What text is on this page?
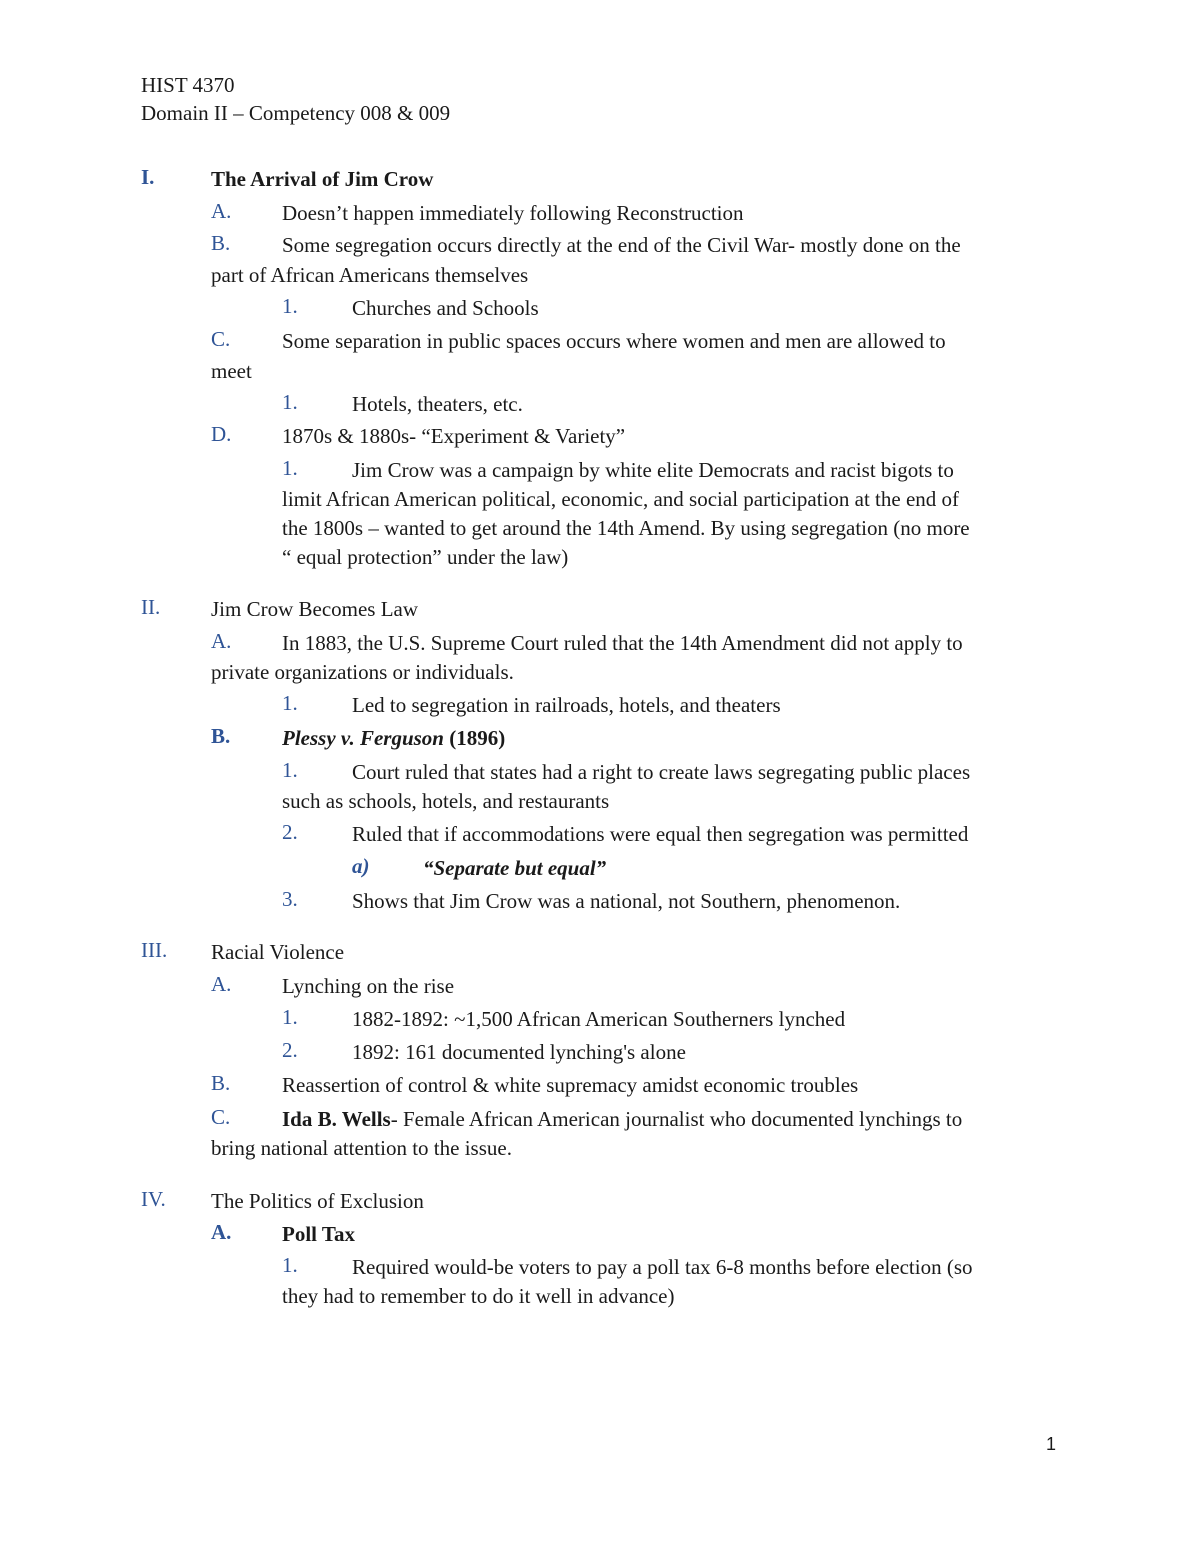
HIST 4370
Domain II – Competency 008 & 009
I.	The Arrival of Jim Crow
A. Doesn’t happen immediately following Reconstruction
B. Some segregation occurs directly at the end of the Civil War- mostly done on the
part of African Americans themselves
1.	Churches and Schools
C. Some separation in public spaces occurs where women and men are allowed to
meet
1.	Hotels, theaters, etc.
D. 1870s & 1880s- “Experiment & Variety”
1.	Jim Crow was a campaign by white elite Democrats and racist bigots to
limit African American political, economic, and social participation at the end of
the 1800s – wanted to get around the 14th Amend. By using segregation (no more
“ equal protection” under the law)
II. Jim Crow Becomes Law
A. In 1883, the U.S. Supreme Court ruled that the 14th Amendment did not apply to
private organizations or individuals.
1.	Led to segregation in railroads, hotels, and theaters
B. Plessy v. Ferguson (1896)
1.	Court ruled that states had a right to create laws segregating public places
such as schools, hotels, and restaurants
2.	Ruled that if accommodations were equal then segregation was permitted
a)	“Separate but equal”
3.	Shows that Jim Crow was a national, not Southern, phenomenon.
III. Racial Violence
A. Lynching on the rise
1.	1882-1892: ~1,500 African American Southerners lynched
2.	1892: 161 documented lynching's alone
B. Reassertion of control & white supremacy amidst economic troubles
C. Ida B. Wells- Female African American journalist who documented lynchings to
bring national attention to the issue.
IV. The Politics of Exclusion
A. Poll Tax
1.	Required would-be voters to pay a poll tax 6-8 months before election (so
they had to remember to do it well in advance)
1
